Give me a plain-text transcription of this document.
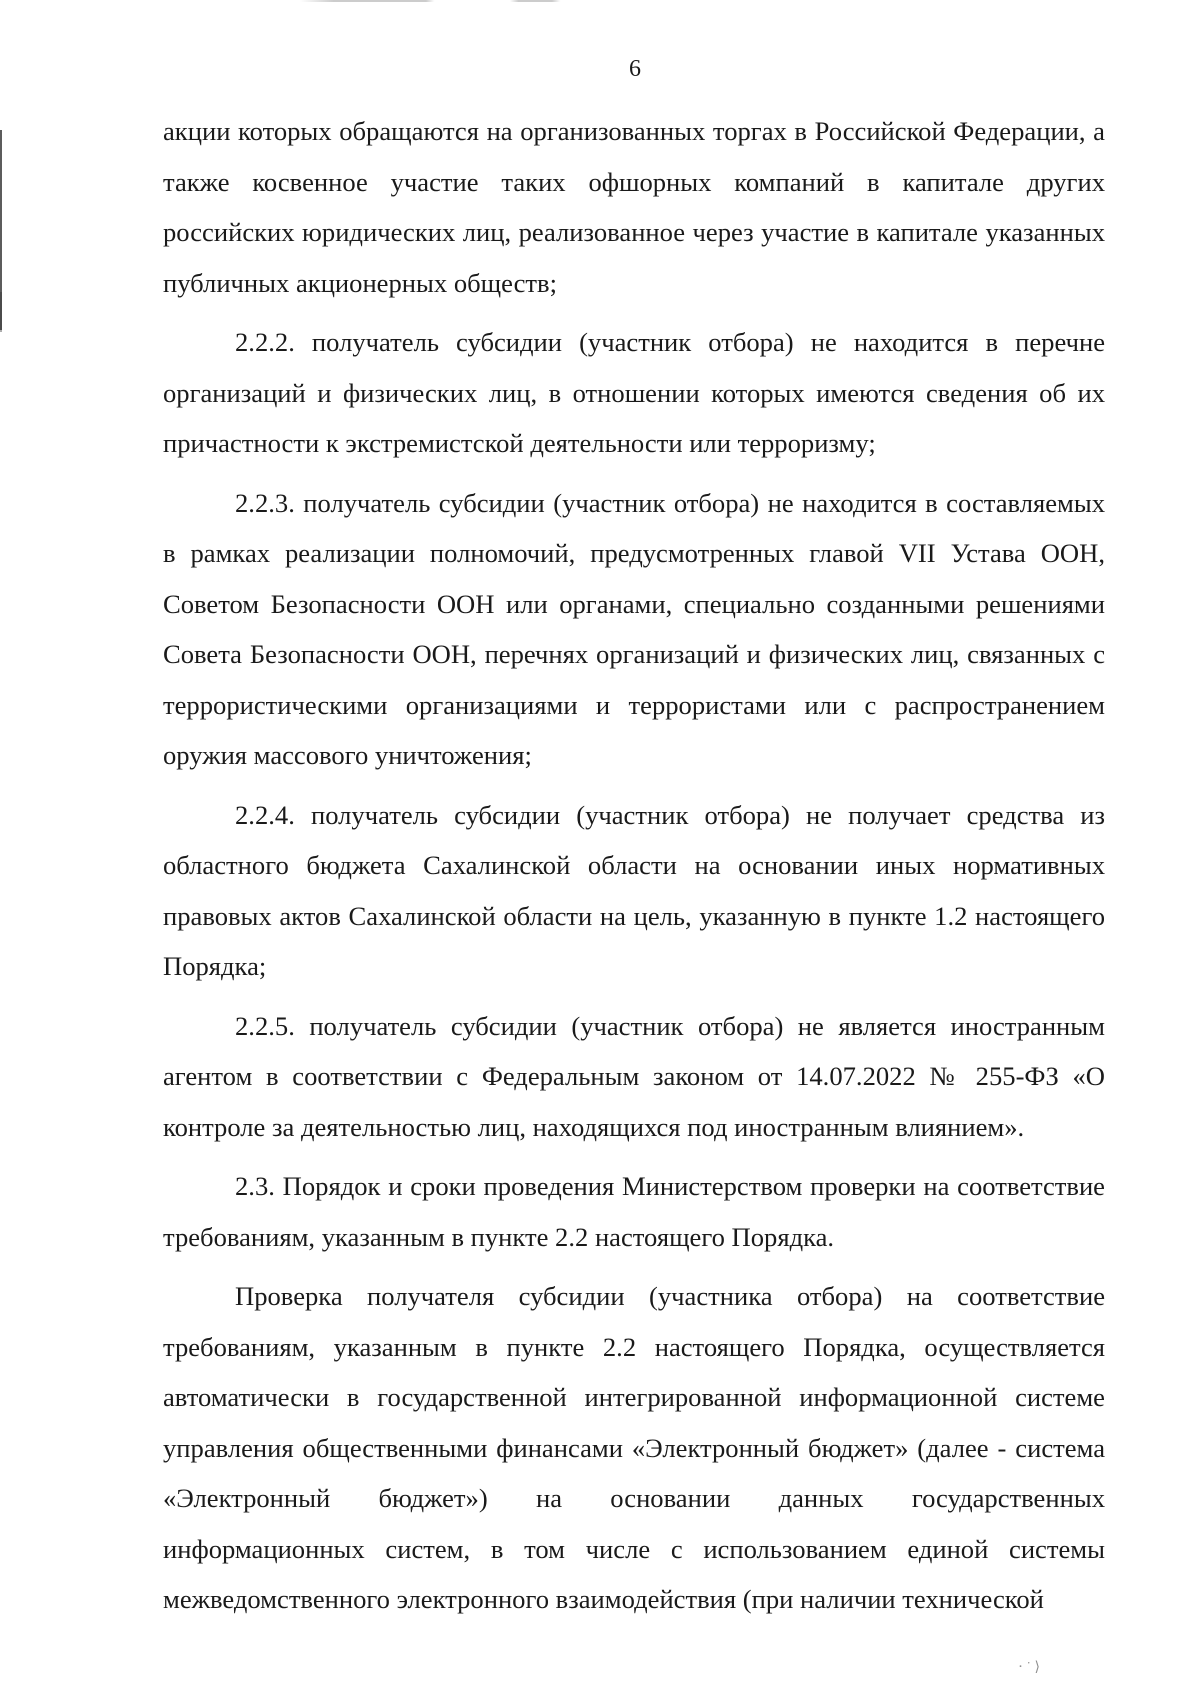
6

акции которых обращаются на организованных торгах в Российской Федерации, а также косвенное участие таких офшорных компаний в капитале других российских юридических лиц, реализованное через участие в капитале указанных публичных акционерных обществ;

2.2.2. получатель субсидии (участник отбора) не находится в перечне организаций и физических лиц, в отношении которых имеются сведения об их причастности к экстремистской деятельности или терроризму;

2.2.3. получатель субсидии (участник отбора) не находится в составляемых в рамках реализации полномочий, предусмотренных главой VII Устава ООН, Советом Безопасности ООН или органами, специально созданными решениями Совета Безопасности ООН, перечнях организаций и физических лиц, связанных с террористическими организациями и террористами или с распространением оружия массового уничтожения;

2.2.4. получатель субсидии (участник отбора) не получает средства из областного бюджета Сахалинской области на основании иных нормативных правовых актов Сахалинской области на цель, указанную в пункте 1.2 настоящего Порядка;

2.2.5. получатель субсидии (участник отбора) не является иностранным агентом в соответствии с Федеральным законом от 14.07.2022 № 255-ФЗ «О контроле за деятельностью лиц, находящихся под иностранным влиянием».

2.3. Порядок и сроки проведения Министерством проверки на соответствие требованиям, указанным в пункте 2.2 настоящего Порядка.

Проверка получателя субсидии (участника отбора) на соответствие требованиям, указанным в пункте 2.2 настоящего Порядка, осуществляется автоматически в государственной интегрированной информационной системе управления общественными финансами «Электронный бюджет» (далее - система «Электронный бюджет») на основании данных государственных информационных систем, в том числе с использованием единой системы межведомственного электронного взаимодействия (при наличии технической

⋅ ˙ ⟩
